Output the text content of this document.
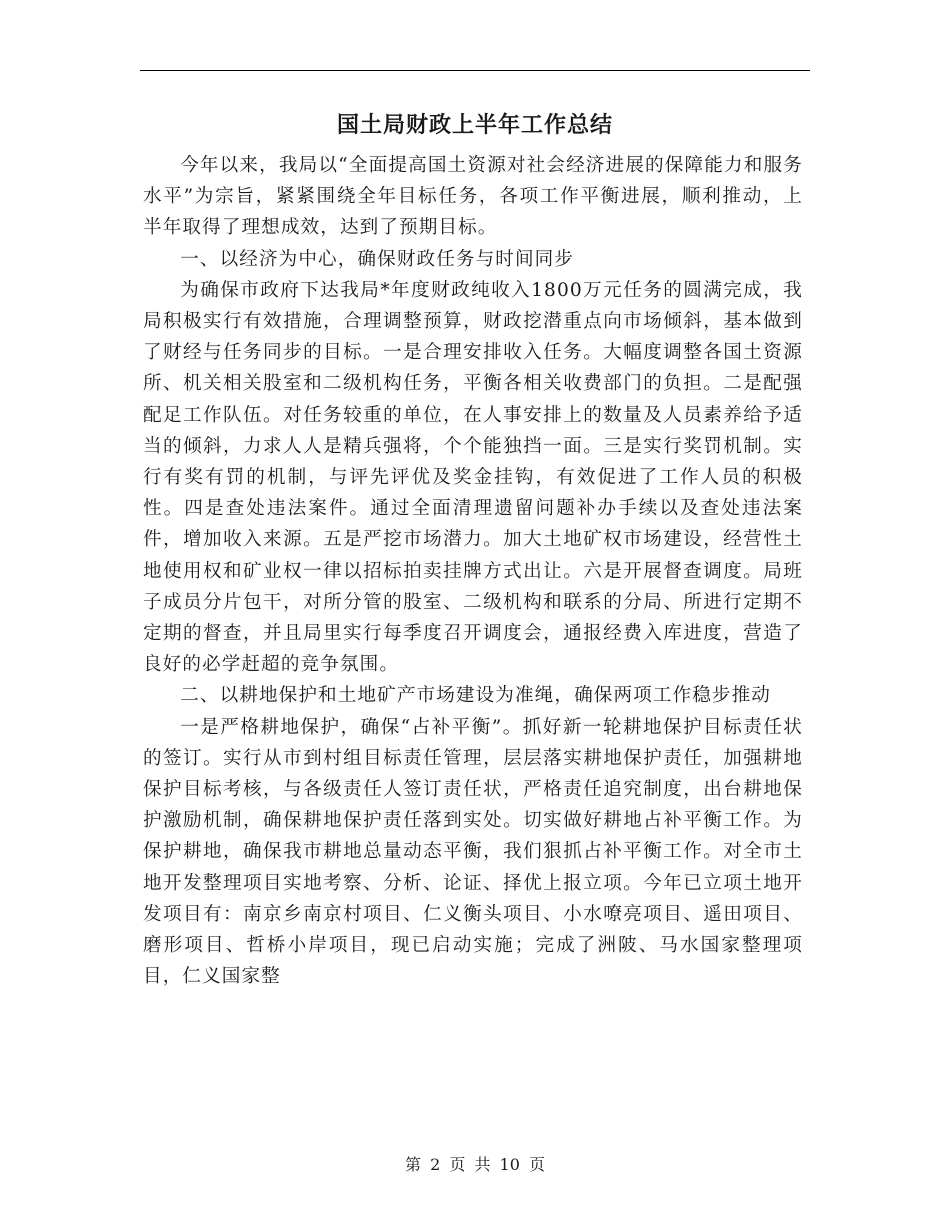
国土局财政上半年工作总结

今年以来，我局以“全面提高国土资源对社会经济进展的保障能力和服务水平”为宗旨，紧紧围绕全年目标任务，各项工作平衡进展，顺利推动，上半年取得了理想成效，达到了预期目标。

一、以经济为中心，确保财政任务与时间同步

为确保市政府下达我局*年度财政纯收入1800万元任务的圆满完成，我局积极实行有效措施，合理调整预算，财政挖潜重点向市场倾斜，基本做到了财经与任务同步的目标。一是合理安排收入任务。大幅度调整各国土资源所、机关相关股室和二级机构任务，平衡各相关收费部门的负担。二是配强配足工作队伍。对任务较重的单位，在人事安排上的数量及人员素养给予适当的倾斜，力求人人是精兵强将，个个能独挡一面。三是实行奖罚机制。实行有奖有罚的机制，与评先评优及奖金挂钩，有效促进了工作人员的积极性。四是查处违法案件。通过全面清理遗留问题补办手续以及查处违法案件，增加收入来源。五是严挖市场潜力。加大土地矿权市场建设，经营性土地使用权和矿业权一律以招标拍卖挂牌方式出让。六是开展督查调度。局班子成员分片包干，对所分管的股室、二级机构和联系的分局、所进行定期不定期的督查，并且局里实行每季度召开调度会，通报经费入库进度，营造了良好的必学赶超的竞争氛围。

二、以耕地保护和土地矿产市场建设为准绳，确保两项工作稳步推动

一是严格耕地保护，确保“占补平衡”。抓好新一轮耕地保护目标责任状的签订。实行从市到村组目标责任管理，层层落实耕地保护责任，加强耕地保护目标考核，与各级责任人签订责任状，严格责任追究制度，出台耕地保护激励机制，确保耕地保护责任落到实处。切实做好耕地占补平衡工作。为保护耕地，确保我市耕地总量动态平衡，我们狠抓占补平衡工作。对全市土地开发整理项目实地考察、分析、论证、择优上报立项。今年已立项土地开发项目有：南京乡南京村项目、仁义衡头项目、小水嘹亮项目、遥田项目、磨形项目、哲桥小岸项目，现已启动实施；完成了洲陂、马水国家整理项目，仁义国家整

第 2 页 共 10 页
